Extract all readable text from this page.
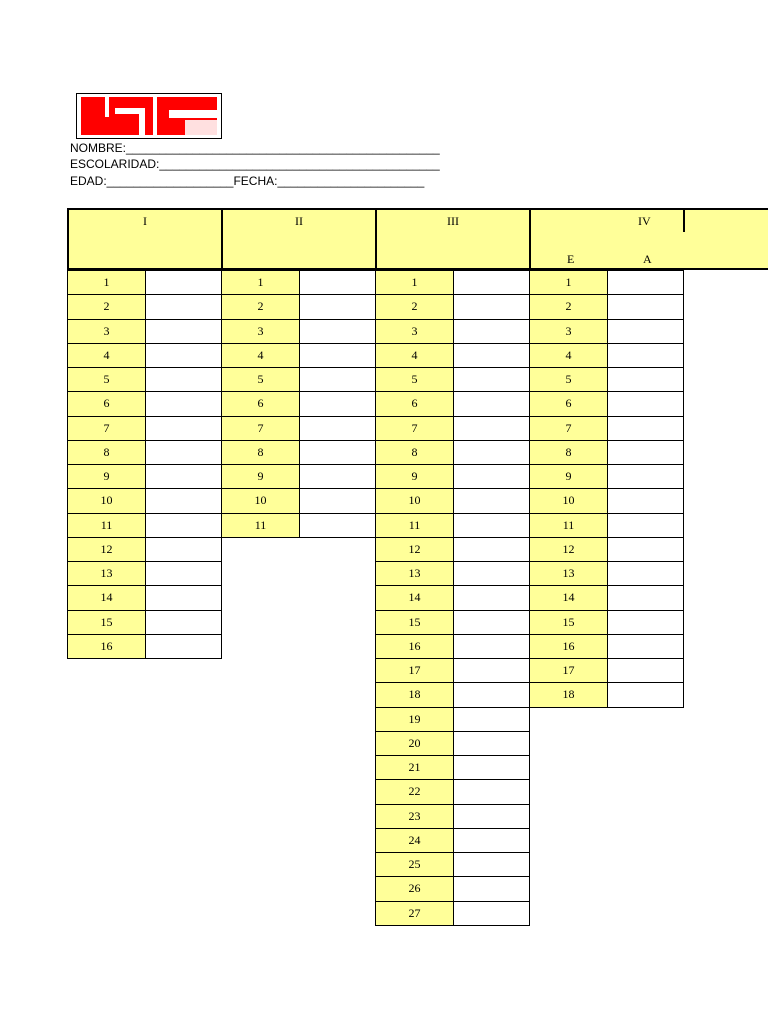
NOMBRE:_______________________________________________
ESCOLARIDAD:__________________________________________
EDAD:___________________FECHA:______________________
I
1
2
3
4
5
6
7
8
9
10
11
12
13
14
15
16
II
1
2
3
4
5
6
7
8
9
10
11
III
1
2
3
4
5
6
7
8
9
10
11
12
13
14
15
16
17
18
19
20
21
22
23
24
25
26
27
IV
E	A
1
2
3
4
5
6
7
8
9
10
11
12
13
14
15
16
17
18
